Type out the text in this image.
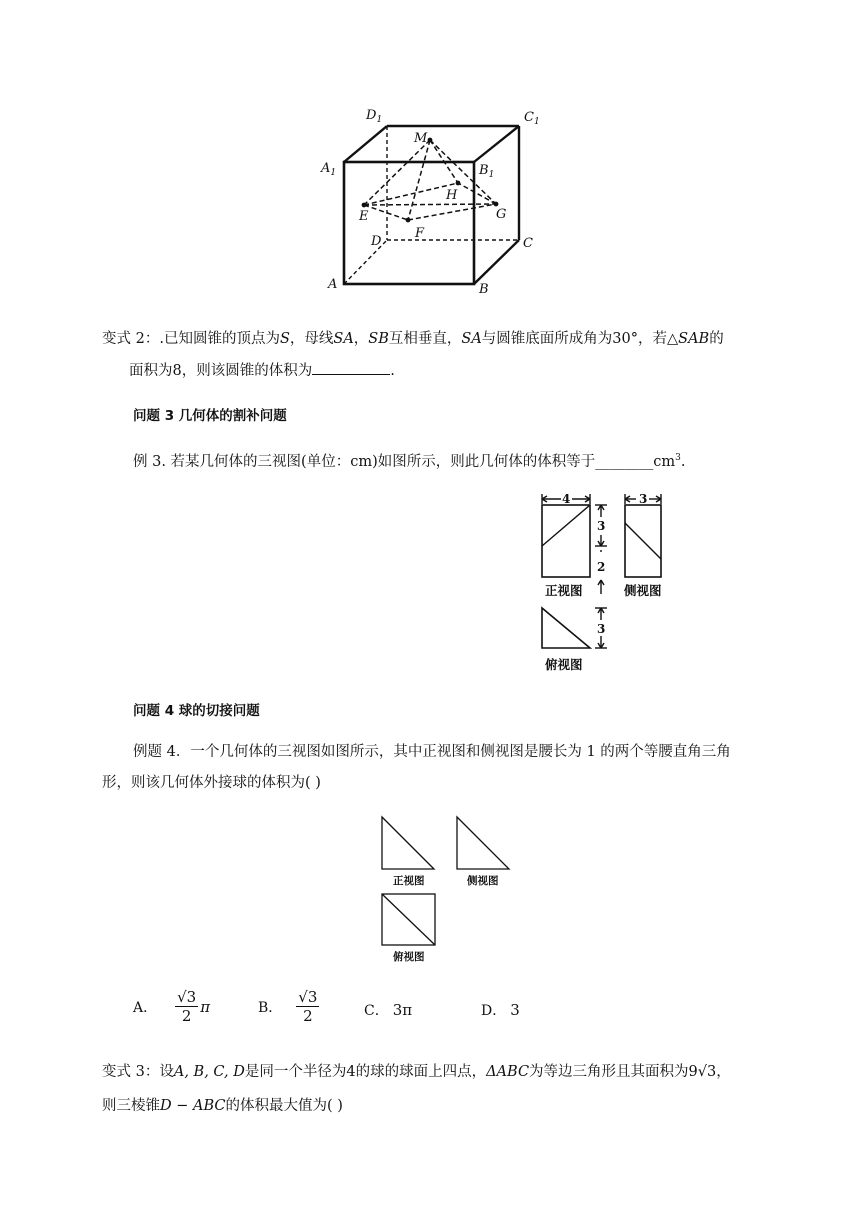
$D_1$	$C_1$
$A_1$	$B_1$
M
H
E	G
F
D	C
A	B
变式 2：.已知圆锥的顶点为S，母线SA，SB互相垂直，SA与圆锥底面所成角为30°，若△SAB的
面积为8，则该圆锥的体积为	.
问题 3 几何体的割补问题
例 3. 若某几何体的三视图(单位：cm)如图所示，则此几何体的体积等于$\_\_\_\_\_\_\_\_cm^3$.
4	3
3
2
3
正视图	侧视图
俯视图
问题 4 球的切接问题
例题 4．一个几何体的三视图如图所示，其中正视图和侧视图是腰长为 1 的两个等腰直角三角
形，则该几何体外接球的体积为( )
正视图	侧视图
俯视图
A． $\frac{√3}{2}$ π	B． $\frac{√3}{2}$	C． 3π	D． 3
变式 3：设A, B, C, D是同一个半径为4的球的球面上四点，ΔABC为等边三角形且其面积为9√3，
则三棱锥D − ABC的体积最大值为( )
